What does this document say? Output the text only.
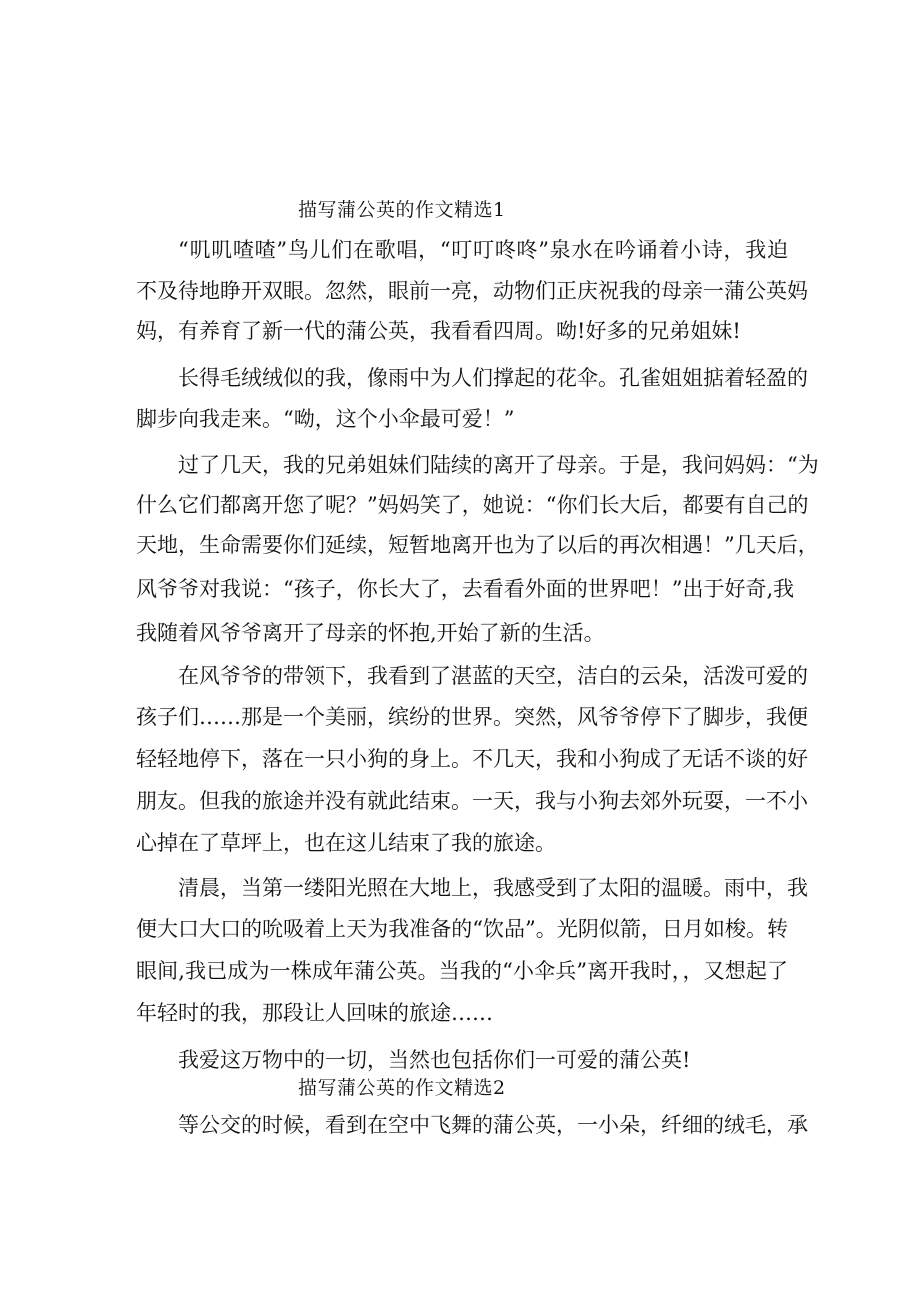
描写蒲公英的作文精选1
“叽叽喳喳”鸟儿们在歌唱，“叮叮咚咚”泉水在吟诵着小诗，我迫
不及待地睁开双眼。忽然，眼前一亮，动物们正庆祝我的母亲一蒲公英妈
妈，有养育了新一代的蒲公英，我看看四周。呦!好多的兄弟姐妹!
长得毛绒绒似的我，像雨中为人们撑起的花伞。孔雀姐姐掂着轻盈的
脚步向我走来。“呦，这个小伞最可爱！”
过了几天，我的兄弟姐妹们陆续的离开了母亲。于是，我问妈妈：“为
什么它们都离开您了呢？”妈妈笑了，她说：“你们长大后，都要有自己的
天地，生命需要你们延续，短暂地离开也为了以后的再次相遇！”几天后，
风爷爷对我说：“孩子，你长大了，去看看外面的世界吧！”出于好奇,我
我随着风爷爷离开了母亲的怀抱,开始了新的生活。
在风爷爷的带领下，我看到了湛蓝的天空，洁白的云朵，活泼可爱的
孩子们……那是一个美丽，缤纷的世界。突然，风爷爷停下了脚步，我便
轻轻地停下，落在一只小狗的身上。不几天，我和小狗成了无话不谈的好
朋友。但我的旅途并没有就此结束。一天，我与小狗去郊外玩耍，一不小
心掉在了草坪上，也在这儿结束了我的旅途。
清晨，当第一缕阳光照在大地上，我感受到了太阳的温暖。雨中，我
便大口大口的吮吸着上天为我准备的“饮品”。光阴似箭，日月如梭。转
眼间,我已成为一株成年蒲公英。当我的“小伞兵”离开我时，，又想起了
年轻时的我，那段让人回味的旅途……
我爱这万物中的一切，当然也包括你们一可爱的蒲公英!
描写蒲公英的作文精选2
等公交的时候，看到在空中飞舞的蒲公英，一小朵，纤细的绒毛，承
